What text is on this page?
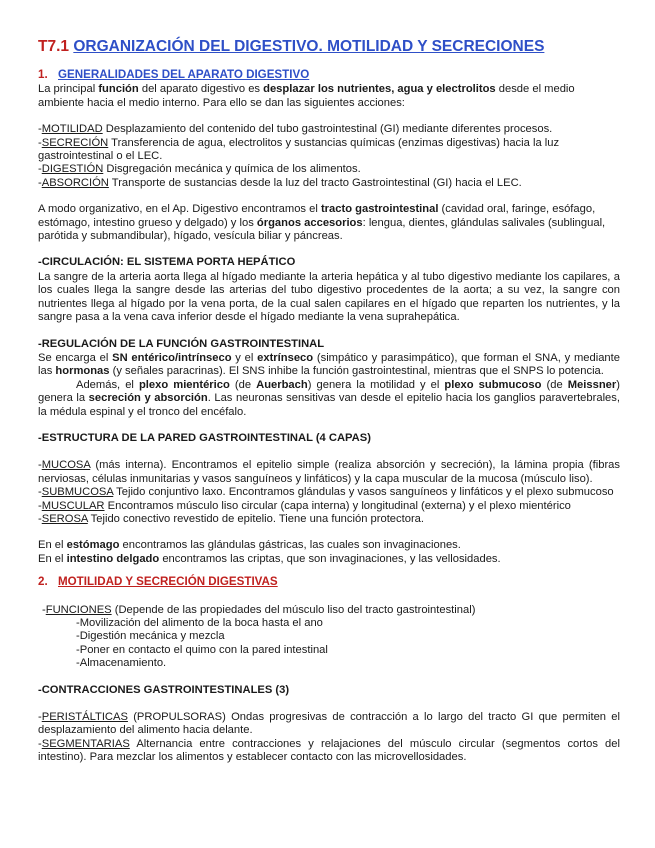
T7.1 ORGANIZACIÓN DEL DIGESTIVO. MOTILIDAD Y SECRECIONES
1. GENERALIDADES DEL APARATO DIGESTIVO

La principal función del aparato digestivo es desplazar los nutrientes, agua y electrolitos desde el medio ambiente hacia el medio interno. Para ello se dan las siguientes acciones:

-MOTILIDAD Desplazamiento del contenido del tubo gastrointestinal (GI) mediante diferentes procesos.

-SECRECIÓN Transferencia de agua, electrolitos y sustancias químicas (enzimas digestivas) hacia la luz gastrointestinal o el LEC.

-DIGESTIÓN Disgregación mecánica y química de los alimentos.

-ABSORCIÓN Transporte de sustancias desde la luz del tracto Gastrointestinal (GI) hacia el LEC.

A modo organizativo, en el Ap. Digestivo encontramos el tracto gastrointestinal (cavidad oral, faringe, esófago, estómago, intestino grueso y delgado) y los órganos accesorios: lengua, dientes, glándulas salivales (sublingual, parótida y submandibular), hígado, vesícula biliar y páncreas.

-CIRCULACIÓN: EL SISTEMA PORTA HEPÁTICO

La sangre de la arteria aorta llega al hígado mediante la arteria hepática y al tubo digestivo mediante los capilares, a los cuales llega la sangre desde las arterias del tubo digestivo procedentes de la aorta; a su vez, la sangre con nutrientes llega al hígado por la vena porta, de la cual salen capilares en el hígado que reparten los nutrientes, y la sangre pasa a la vena cava inferior desde el hígado mediante la vena suprahepática.

-REGULACIÓN DE LA FUNCIÓN GASTROINTESTINAL

Se encarga el SN entérico/intrínseco y el extrínseco (simpático y parasimpático), que forman el SNA, y mediante las hormonas (y señales paracrinas). El SNS inhibe la función gastrointestinal, mientras que el SNPS lo potencia.

Además, el plexo mientérico (de Auerbach) genera la motilidad y el plexo submucoso (de Meissner) genera la secreción y absorción. Las neuronas sensitivas van desde el epitelio hacia los ganglios paravertebrales, la médula espinal y el tronco del encéfalo.

-ESTRUCTURA DE LA PARED GASTROINTESTINAL (4 CAPAS)

-MUCOSA (más interna). Encontramos el epitelio simple (realiza absorción y secreción), la lámina propia (fibras nerviosas, células inmunitarias y vasos sanguíneos y linfáticos) y la capa muscular de la mucosa (músculo liso).

-SUBMUCOSA Tejido conjuntivo laxo. Encontramos glándulas y vasos sanguíneos y linfáticos y el plexo submucoso

-MUSCULAR Encontramos músculo liso circular (capa interna) y longitudinal (externa) y el plexo mientérico

-SEROSA Tejido conectivo revestido de epitelio. Tiene una función protectora.

En el estómago encontramos las glándulas gástricas, las cuales son invaginaciones.

En el intestino delgado encontramos las criptas, que son invaginaciones, y las vellosidades.

2. MOTILIDAD Y SECRECIÓN DIGESTIVAS

-FUNCIONES (Depende de las propiedades del músculo liso del tracto gastrointestinal)

-Movilización del alimento de la boca hasta el ano

-Digestión mecánica y mezcla

-Poner en contacto el quimo con la pared intestinal

-Almacenamiento.

-CONTRACCIONES GASTROINTESTINALES (3)

-PERISTÁLTICAS (PROPULSORAS) Ondas progresivas de contracción a lo largo del tracto GI que permiten el desplazamiento del alimento hacia delante.

-SEGMENTARIAS Alternancia entre contracciones y relajaciones del músculo circular (segmentos cortos del intestino). Para mezclar los alimentos y establecer contacto con las microvellosidades.
